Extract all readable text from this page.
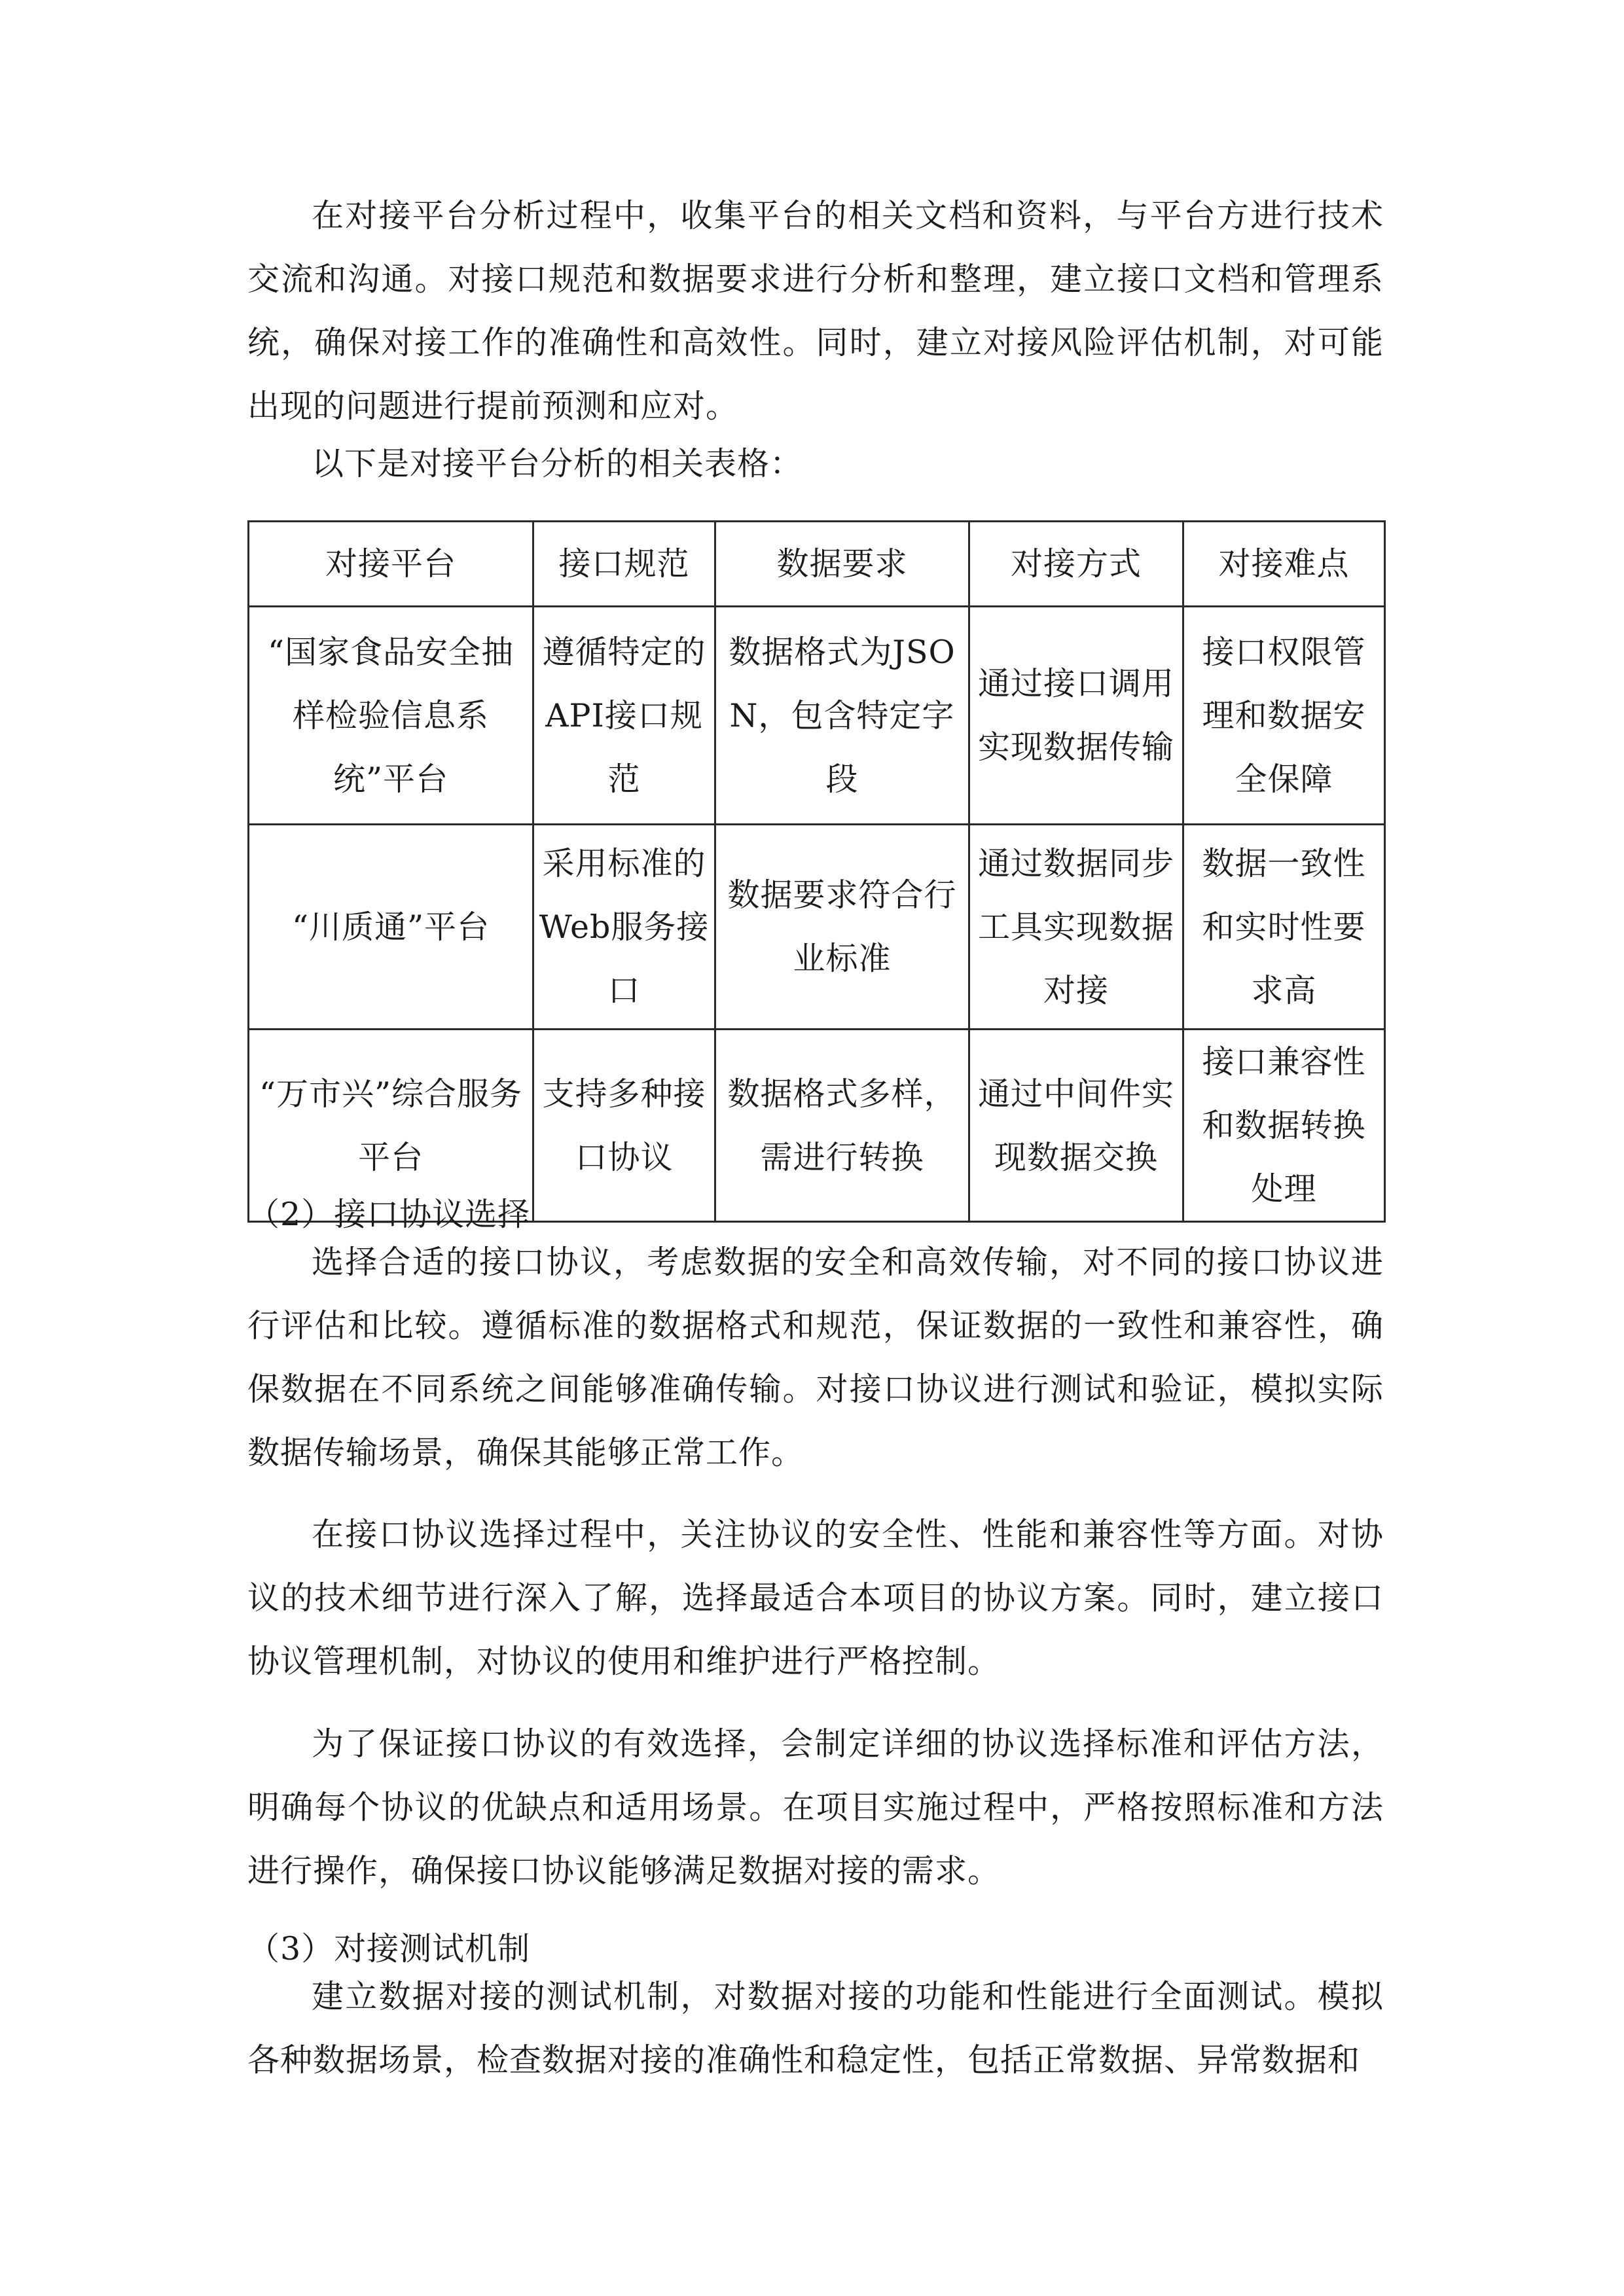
在对接平台分析过程中，收集平台的相关文档和资料，与平台方进行技术交流和沟通。对接口规范和数据要求进行分析和整理，建立接口文档和管理系统，确保对接工作的准确性和高效性。同时，建立对接风险评估机制，对可能出现的问题进行提前预测和应对。

以下是对接平台分析的相关表格：

对接平台	接口规范	数据要求	对接方式	对接难点
“国家食品安全抽样检验信息系统”平台	遵循特定的API接口规范	数据格式为JSON，包含特定字段	通过接口调用实现数据传输	接口权限管理和数据安全保障
“川质通”平台	采用标准的Web服务接口	数据要求符合行业标准	通过数据同步工具实现数据对接	数据一致性和实时性要求高
“万市兴”综合服务平台	支持多种接口协议	数据格式多样，需进行转换	通过中间件实现数据交换	接口兼容性和数据转换处理

（2）接口协议选择

选择合适的接口协议，考虑数据的安全和高效传输，对不同的接口协议进行评估和比较。遵循标准的数据格式和规范，保证数据的一致性和兼容性，确保数据在不同系统之间能够准确传输。对接口协议进行测试和验证，模拟实际数据传输场景，确保其能够正常工作。

在接口协议选择过程中，关注协议的安全性、性能和兼容性等方面。对协议的技术细节进行深入了解，选择最适合本项目的协议方案。同时，建立接口协议管理机制，对协议的使用和维护进行严格控制。

为了保证接口协议的有效选择，会制定详细的协议选择标准和评估方法，明确每个协议的优缺点和适用场景。在项目实施过程中，严格按照标准和方法进行操作，确保接口协议能够满足数据对接的需求。

（3）对接测试机制

建立数据对接的测试机制，对数据对接的功能和性能进行全面测试。模拟各种数据场景，检查数据对接的准确性和稳定性，包括正常数据、异常数据和
